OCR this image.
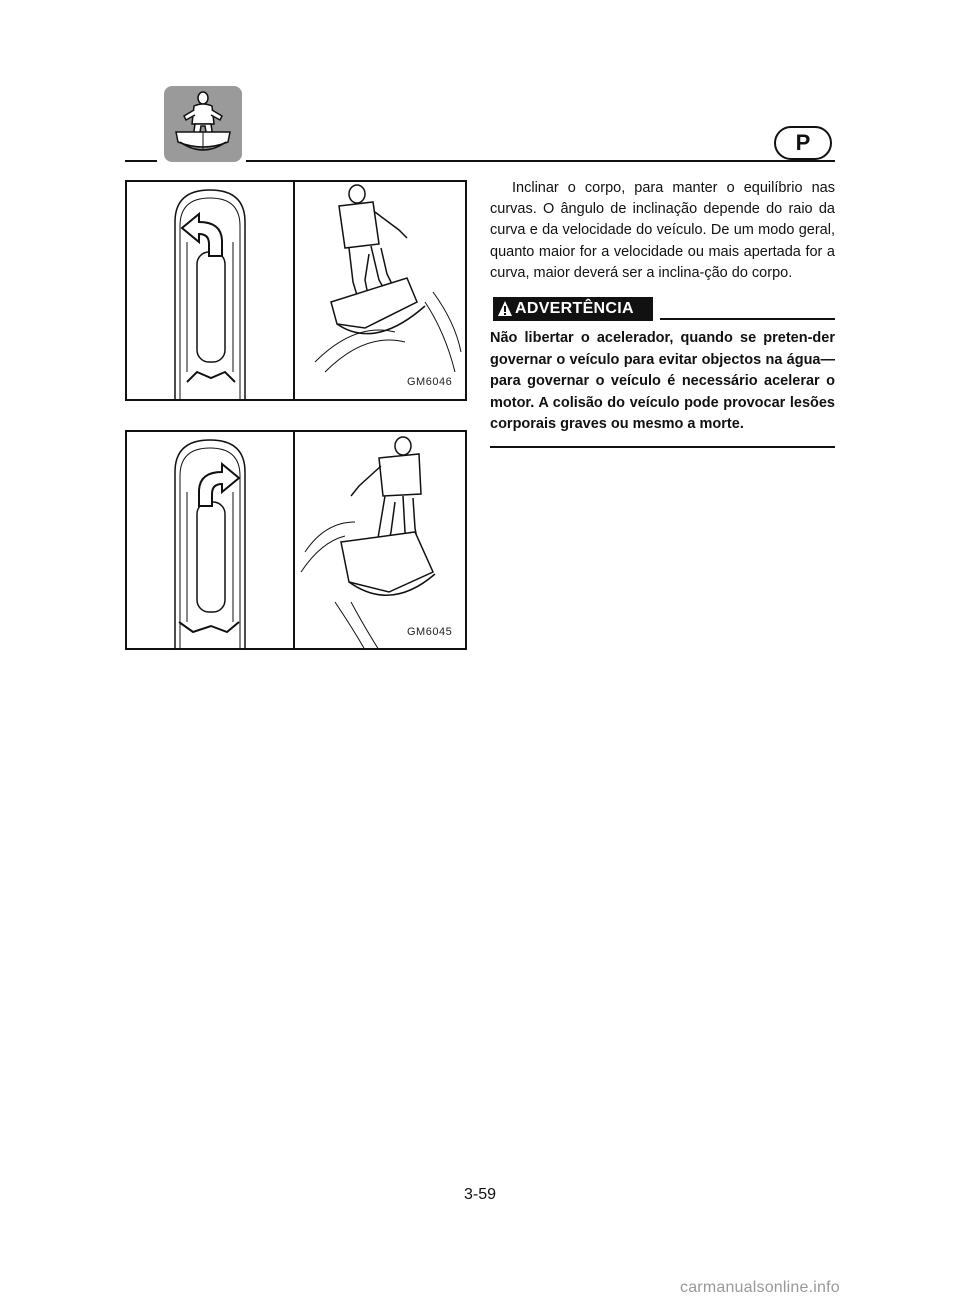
P
GM6046
GM6045

Inclinar o corpo, para manter o equilíbrio nas curvas. O ângulo de inclinação depende do raio da curva e da velocidade do veículo. De um modo geral, quanto maior for a velocidade ou mais apertada for a curva, maior deverá ser a inclina-ção do corpo.

ADVERTÊNCIA

Não libertar o acelerador, quando se preten-der governar o veículo para evitar objectos na água—para governar o veículo é necessário acelerar o motor. A colisão do veículo pode provocar lesões corporais graves ou mesmo a morte.

3-59
carmanualsonline.info
